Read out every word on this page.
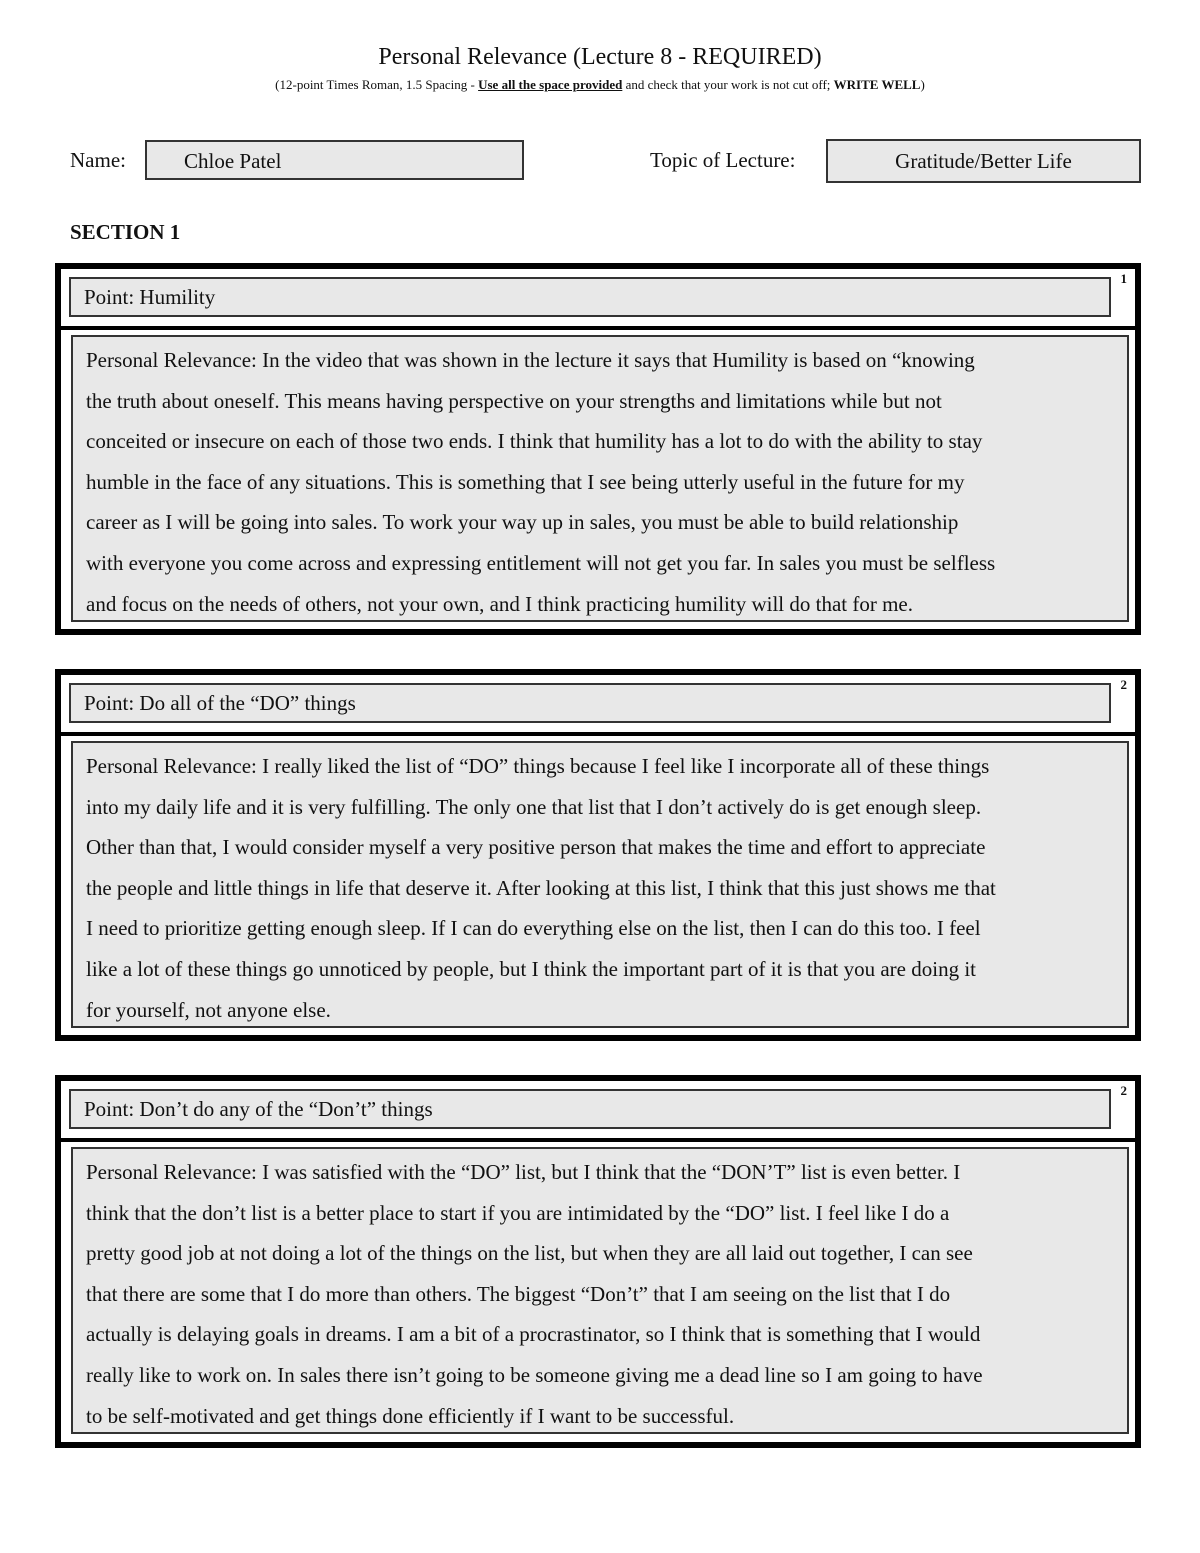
Personal Relevance (Lecture 8 - REQUIRED)
(12-point Times Roman, 1.5 Spacing - Use all the space provided and check that your work is not cut off; WRITE WELL)
Name:	Chloe Patel	Topic of Lecture:	Gratitude/Better Life
SECTION 1
1
Point: Humility
Personal Relevance: In the video that was shown in the lecture it says that Humility is based on “knowing
the truth about oneself. This means having perspective on your strengths and limitations while but not
conceited or insecure on each of those two ends. I think that humility has a lot to do with the ability to stay
humble in the face of any situations. This is something that I see being utterly useful in the future for my
career as I will be going into sales. To work your way up in sales, you must be able to build relationship
with everyone you come across and expressing entitlement will not get you far. In sales you must be selfless
and focus on the needs of others, not your own, and I think practicing humility will do that for me.
2
Point: Do all of the “DO” things
Personal Relevance: I really liked the list of “DO” things because I feel like I incorporate all of these things
into my daily life and it is very fulfilling. The only one that list that I don’t actively do is get enough sleep.
Other than that, I would consider myself a very positive person that makes the time and effort to appreciate
the people and little things in life that deserve it. After looking at this list, I think that this just shows me that
I need to prioritize getting enough sleep. If I can do everything else on the list, then I can do this too. I feel
like a lot of these things go unnoticed by people, but I think the important part of it is that you are doing it
for yourself, not anyone else.
2
Point: Don’t do any of the “Don’t” things
Personal Relevance: I was satisfied with the “DO” list, but I think that the “DON’T” list is even better. I
think that the don’t list is a better place to start if you are intimidated by the “DO” list. I feel like I do a
pretty good job at not doing a lot of the things on the list, but when they are all laid out together, I can see
that there are some that I do more than others. The biggest “Don’t” that I am seeing on the list that I do
actually is delaying goals in dreams. I am a bit of a procrastinator, so I think that is something that I would
really like to work on. In sales there isn’t going to be someone giving me a dead line so I am going to have
to be self-motivated and get things done efficiently if I want to be successful.
